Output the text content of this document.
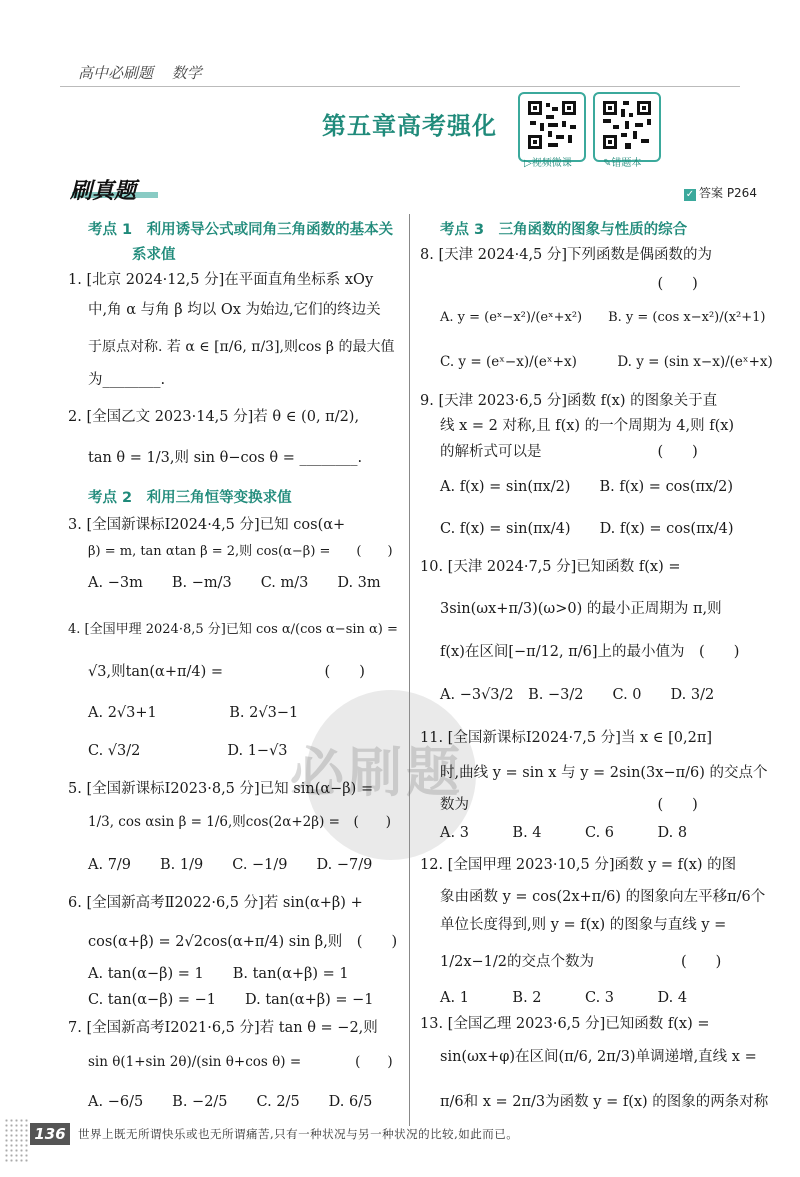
高中必刷题 数学
第五章高考强化
▷视频微课	✎错题本
刷真题	✓ 答案 P264
必刷题
考点 1　利用诱导公式或同角三角函数的基本关
系求值
1. [北京 2024·12,5 分]在平面直角坐标系 xOy
中,角 α 与角 β 均以 Ox 为始边,它们的终边关
于原点对称. 若 α ∈ [π/6, π/3],则cos β 的最大值
为________.
2. [全国乙文 2023·14,5 分]若 θ ∈ (0, π/2),
tan θ = 1/3,则 sin θ−cos θ = ________.
考点 2　利用三角恒等变换求值
3. [全国新课标Ⅰ2024·4,5 分]已知 cos(α+
β) = m, tan αtan β = 2,则 cos(α−β) =　　(　　)
A. −3m　　B. −m/3　　C. m/3　　D. 3m
4. [全国甲理 2024·8,5 分]已知 cos α/(cos α−sin α) =
√3,则tan(α+π/4) =　　　　　　　(　　)
A. 2√3+1　　　　　B. 2√3−1
C. √3/2　　　　　　D. 1−√3
5. [全国新课标Ⅰ2023·8,5 分]已知 sin(α−β) =
1/3, cos αsin β = 1/6,则cos(2α+2β) =　(　　)
A. 7/9　　B. 1/9　　C. −1/9　　D. −7/9
6. [全国新高考Ⅱ2022·6,5 分]若 sin(α+β) +
cos(α+β) = 2√2cos(α+π/4) sin β,则　(　　)
A. tan(α−β) = 1　　B. tan(α+β) = 1
C. tan(α−β) = −1　　D. tan(α+β) = −1
7. [全国新高考Ⅰ2021·6,5 分]若 tan θ = −2,则
sin θ(1+sin 2θ)/(sin θ+cos θ) =　　　　(　　)
A. −6/5　　B. −2/5　　C. 2/5　　D. 6/5
考点 3　三角函数的图象与性质的综合
8. [天津 2024·4,5 分]下列函数是偶函数的为
　　　　　　　　　　　　　　　(　　)
A. y = (eˣ−x²)/(eˣ+x²)　　B. y = (cos x−x²)/(x²+1)
C. y = (eˣ−x)/(eˣ+x)　　　D. y = (sin x−x)/(eˣ+x)
9. [天津 2023·6,5 分]函数 f(x) 的图象关于直
线 x = 2 对称,且 f(x) 的一个周期为 4,则 f(x)
的解析式可以是　　　　　　　　(　　)
A. f(x) = sin(πx/2)　　B. f(x) = cos(πx/2)
C. f(x) = sin(πx/4)　　D. f(x) = cos(πx/4)
10. [天津 2024·7,5 分]已知函数 f(x) =
3sin(ωx+π/3)(ω>0) 的最小正周期为 π,则
f(x)在区间[−π/12, π/6]上的最小值为　(　　)
A. −3√3/2　B. −3/2　　C. 0　　D. 3/2
11. [全国新课标Ⅰ2024·7,5 分]当 x ∈ [0,2π]
时,曲线 y = sin x 与 y = 2sin(3x−π/6) 的交点个
数为　　　　　　　　　　　　　(　　)
A. 3　　　B. 4　　　C. 6　　　D. 8
12. [全国甲理 2023·10,5 分]函数 y = f(x) 的图
象由函数 y = cos(2x+π/6) 的图象向左平移π/6个
单位长度得到,则 y = f(x) 的图象与直线 y =
1/2x−1/2的交点个数为　　　　　　(　　)
A. 1　　　B. 2　　　C. 3　　　D. 4
13. [全国乙理 2023·6,5 分]已知函数 f(x) =
sin(ωx+φ)在区间(π/6, 2π/3)单调递增,直线 x =
π/6和 x = 2π/3为函数 y = f(x) 的图象的两条对称
136	世界上既无所谓快乐或也无所谓痛苦,只有一种状况与另一种状况的比较,如此而已。
